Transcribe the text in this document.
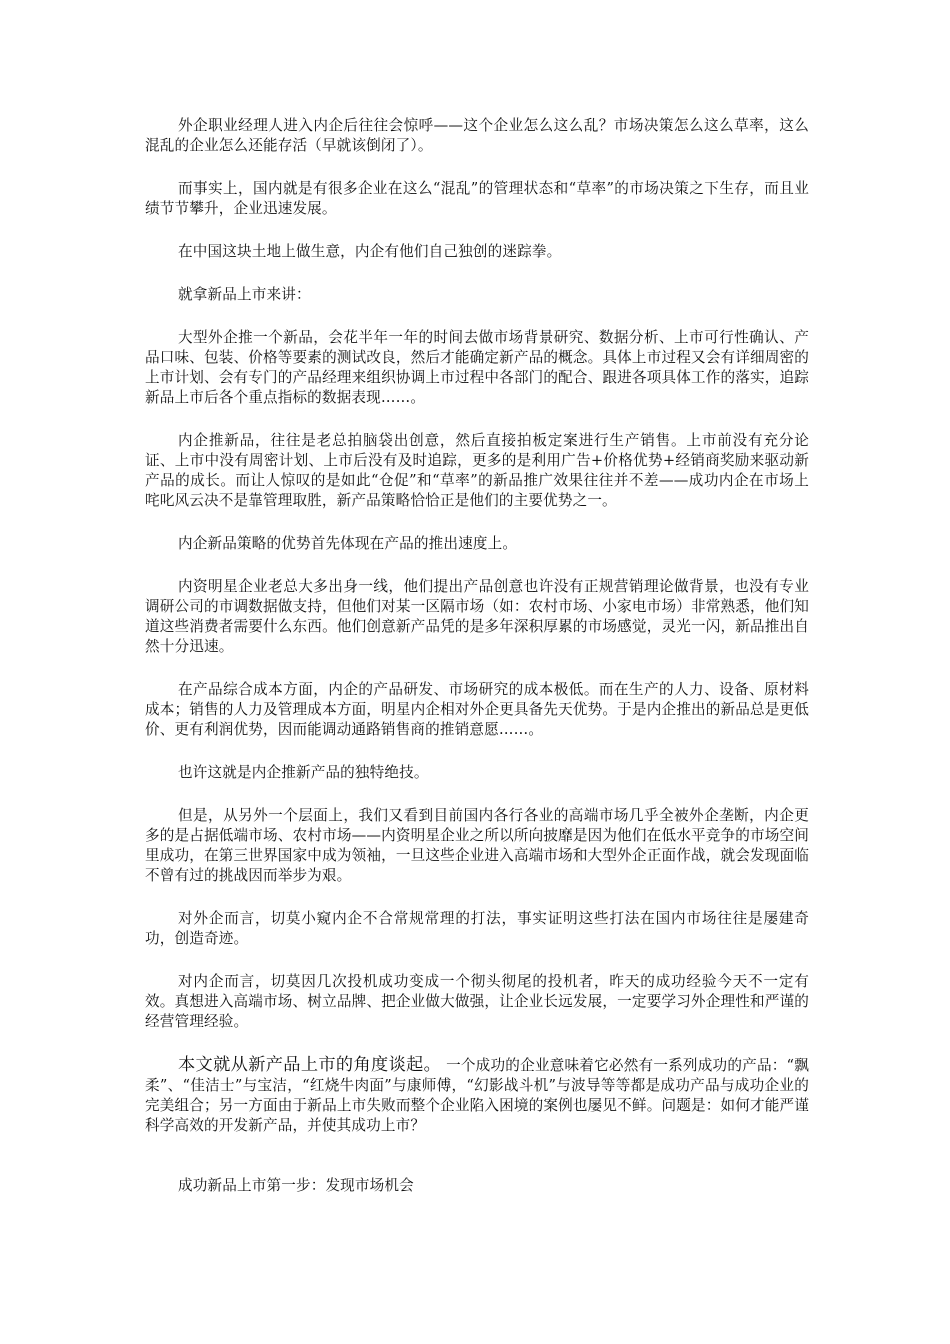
外企职业经理人进入内企后往往会惊呼——这个企业怎么这么乱？市场决策怎么这么草率，这么混乱的企业怎么还能存活（早就该倒闭了）。

而事实上，国内就是有很多企业在这么“混乱”的管理状态和“草率”的市场决策之下生存，而且业绩节节攀升，企业迅速发展。

在中国这块土地上做生意，内企有他们自己独创的迷踪拳。

就拿新品上市来讲：

大型外企推一个新品，会花半年一年的时间去做市场背景研究、数据分析、上市可行性确认、产品口味、包装、价格等要素的测试改良，然后才能确定新产品的概念。具体上市过程又会有详细周密的上市计划、会有专门的产品经理来组织协调上市过程中各部门的配合、跟进各项具体工作的落实，追踪新品上市后各个重点指标的数据表现……。

内企推新品，往往是老总拍脑袋出创意，然后直接拍板定案进行生产销售。上市前没有充分论证、上市中没有周密计划、上市后没有及时追踪，更多的是利用广告+价格优势+经销商奖励来驱动新产品的成长。而让人惊叹的是如此“仓促”和“草率”的新品推广效果往往并不差——成功内企在市场上咤叱风云决不是靠管理取胜，新产品策略恰恰正是他们的主要优势之一。

内企新品策略的优势首先体现在产品的推出速度上。

内资明星企业老总大多出身一线，他们提出产品创意也许没有正规营销理论做背景，也没有专业调研公司的市调数据做支持，但他们对某一区隔市场（如：农村市场、小家电市场）非常熟悉，他们知道这些消费者需要什么东西。他们创意新产品凭的是多年深积厚累的市场感觉，灵光一闪，新品推出自然十分迅速。

在产品综合成本方面，内企的产品研发、市场研究的成本极低。而在生产的人力、设备、原材料成本；销售的人力及管理成本方面，明星内企相对外企更具备先天优势。于是内企推出的新品总是更低价、更有利润优势，因而能调动通路销售商的推销意愿……。

也许这就是内企推新产品的独特绝技。

但是，从另外一个层面上，我们又看到目前国内各行各业的高端市场几乎全被外企垄断，内企更多的是占据低端市场、农村市场——内资明星企业之所以所向披靡是因为他们在低水平竞争的市场空间里成功，在第三世界国家中成为领袖，一旦这些企业进入高端市场和大型外企正面作战，就会发现面临不曾有过的挑战因而举步为艰。

对外企而言，切莫小窥内企不合常规常理的打法，事实证明这些打法在国内市场往往是屡建奇功，创造奇迹。

对内企而言，切莫因几次投机成功变成一个彻头彻尾的投机者，昨天的成功经验今天不一定有效。真想进入高端市场、树立品牌、把企业做大做强，让企业长远发展，一定要学习外企理性和严谨的经营管理经验。

本文就从新产品上市的角度谈起。 一个成功的企业意味着它必然有一系列成功的产品：“飘柔”、“佳洁士”与宝洁，“红烧牛肉面”与康师傅，“幻影战斗机”与波导等等都是成功产品与成功企业的完美组合；另一方面由于新品上市失败而整个企业陷入困境的案例也屡见不鲜。问题是：如何才能严谨科学高效的开发新产品，并使其成功上市？

成功新品上市第一步：发现市场机会
